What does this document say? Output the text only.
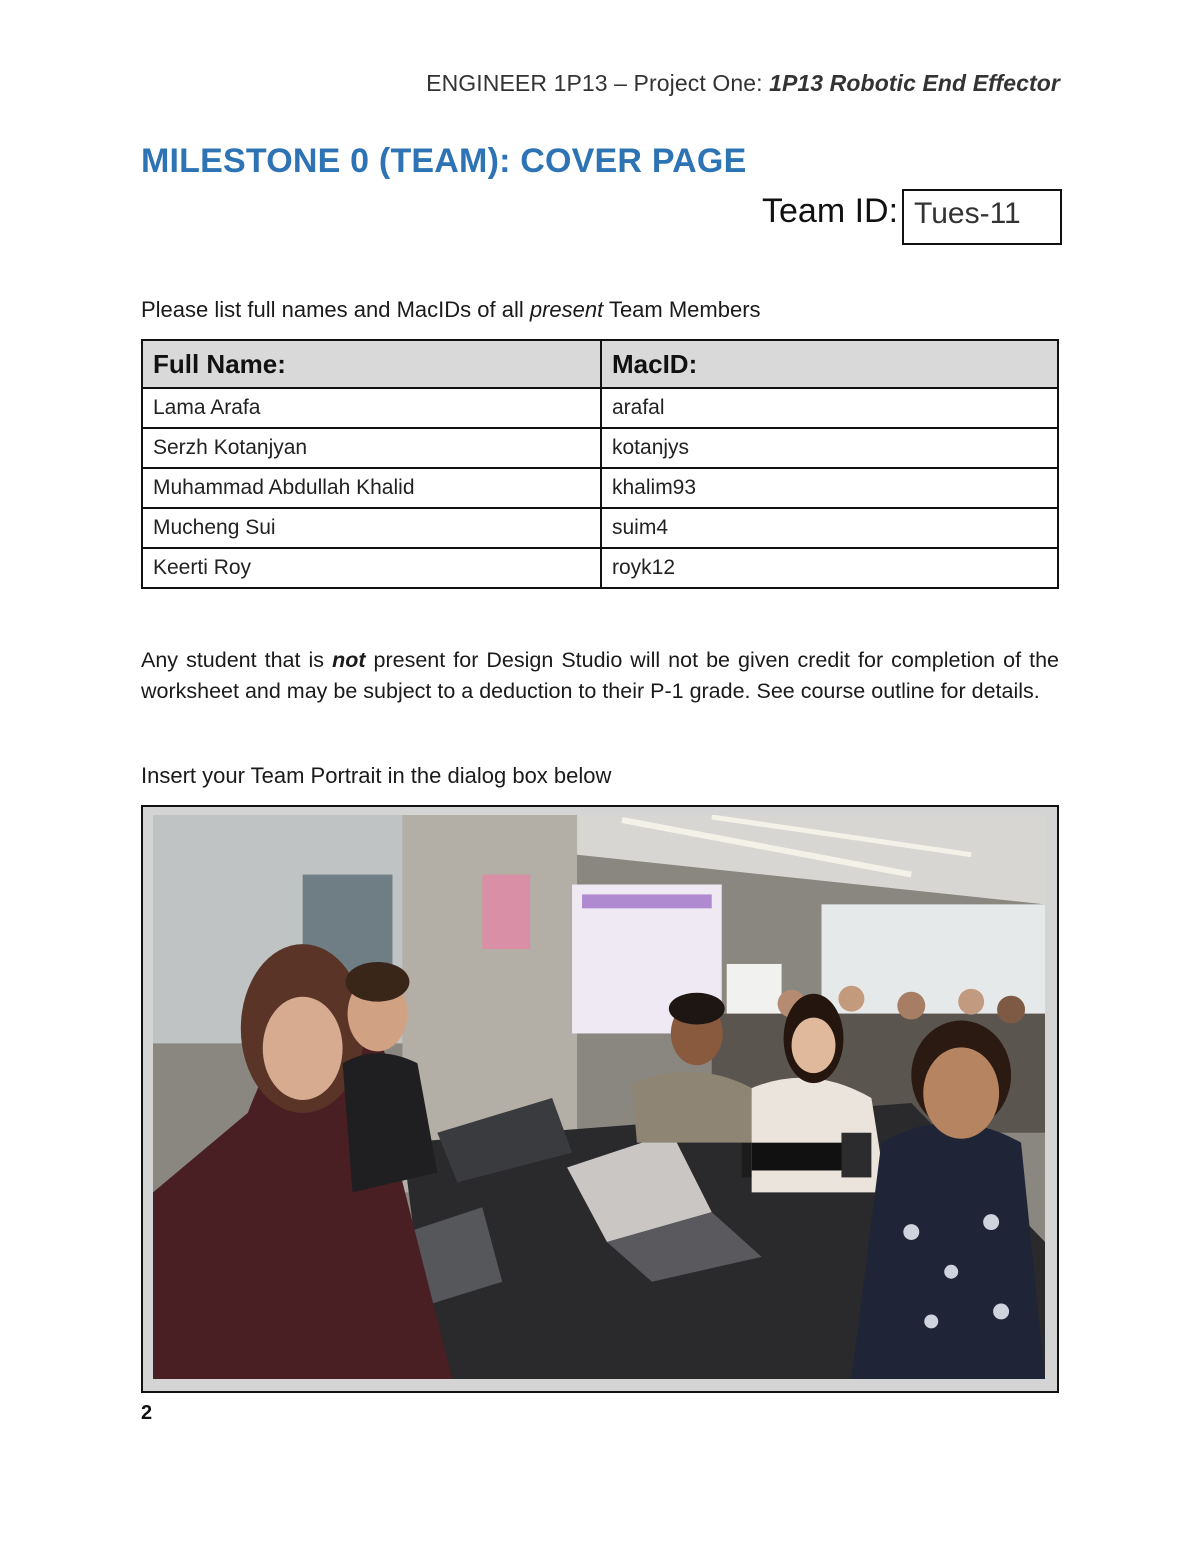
ENGINEER 1P13 – Project One: 1P13 Robotic End Effector
MILESTONE 0 (TEAM): COVER PAGE
Team ID: Tues-11
Please list full names and MacIDs of all present Team Members
Full Name:	MacID:
Lama Arafa	arafal
Serzh Kotanjyan	kotanjys
Muhammad Abdullah Khalid	khalim93
Mucheng Sui	suim4
Keerti Roy	royk12
Any student that is not present for Design Studio will not be given credit for completion of the worksheet and may be subject to a deduction to their P-1 grade. See course outline for details.
Insert your Team Portrait in the dialog box below
2
